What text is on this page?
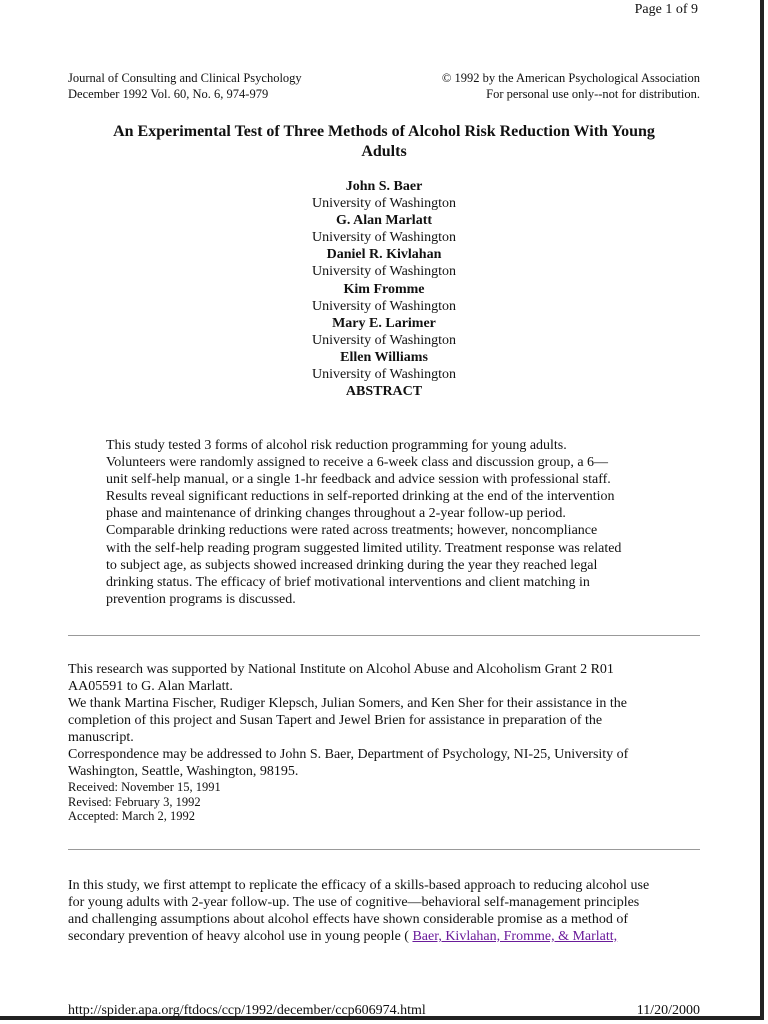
Page 1 of 9
Journal of Consulting and Clinical Psychology
December 1992 Vol. 60, No. 6, 974-979
© 1992 by the American Psychological Association
For personal use only--not for distribution.
An Experimental Test of Three Methods of Alcohol Risk Reduction With Young
Adults
John S. Baer
University of Washington
G. Alan Marlatt
University of Washington
Daniel R. Kivlahan
University of Washington
Kim Fromme
University of Washington
Mary E. Larimer
University of Washington
Ellen Williams
University of Washington
ABSTRACT
This study tested 3 forms of alcohol risk reduction programming for young adults.
Volunteers were randomly assigned to receive a 6-week class and discussion group, a 6—
unit self-help manual, or a single 1-hr feedback and advice session with professional staff.
Results reveal significant reductions in self-reported drinking at the end of the intervention
phase and maintenance of drinking changes throughout a 2-year follow-up period.
Comparable drinking reductions were rated across treatments; however, noncompliance
with the self-help reading program suggested limited utility. Treatment response was related
to subject age, as subjects showed increased drinking during the year they reached legal
drinking status. The efficacy of brief motivational interventions and client matching in
prevention programs is discussed.
This research was supported by National Institute on Alcohol Abuse and Alcoholism Grant 2 R01
AA05591 to G. Alan Marlatt.
We thank Martina Fischer, Rudiger Klepsch, Julian Somers, and Ken Sher for their assistance in the
completion of this project and Susan Tapert and Jewel Brien for assistance in preparation of the
manuscript.
Correspondence may be addressed to John S. Baer, Department of Psychology, NI-25, University of
Washington, Seattle, Washington, 98195.
Received: November 15, 1991
Revised: February 3, 1992
Accepted: March 2, 1992
In this study, we first attempt to replicate the efficacy of a skills-based approach to reducing alcohol use
for young adults with 2-year follow-up. The use of cognitive—behavioral self-management principles
and challenging assumptions about alcohol effects have shown considerable promise as a method of
secondary prevention of heavy alcohol use in young people ( Baer, Kivlahan, Fromme, & Marlatt,
http://spider.apa.org/ftdocs/ccp/1992/december/ccp606974.html	11/20/2000
